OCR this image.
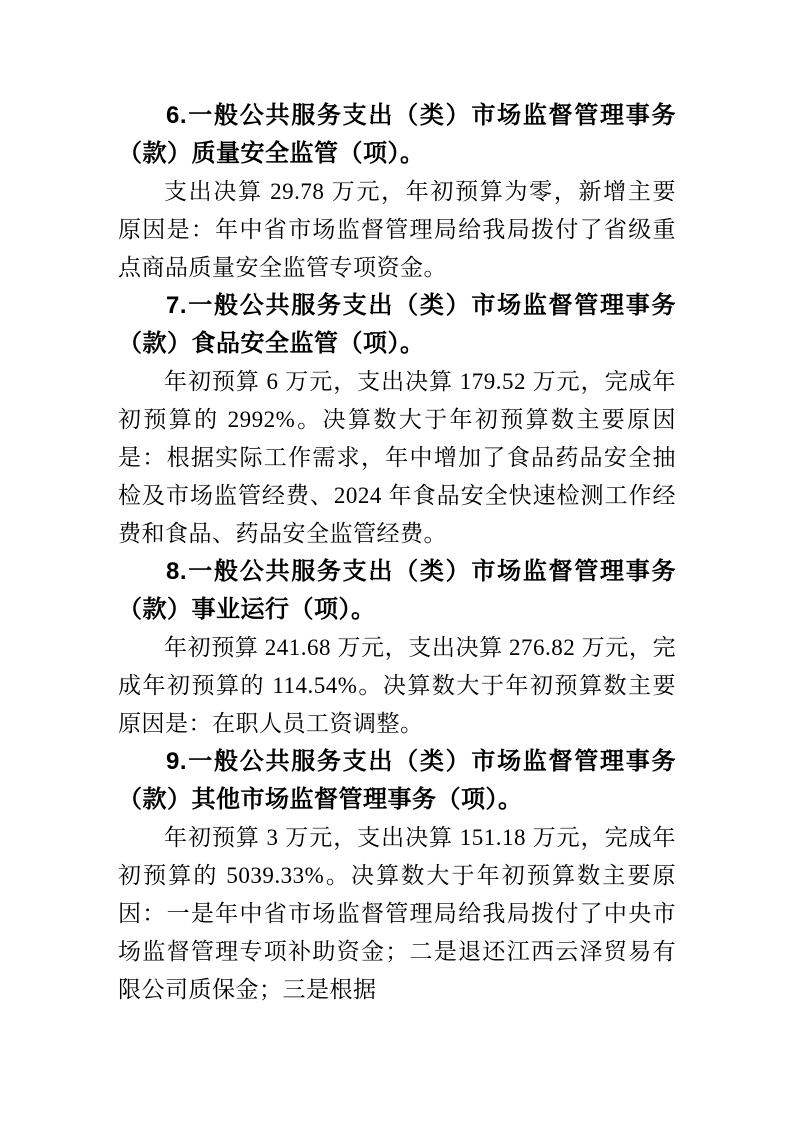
6.一般公共服务支出（类）市场监督管理事务（款）质量安全监管（项）。

支出决算 29.78 万元，年初预算为零，新增主要原因是：年中省市场监督管理局给我局拨付了省级重点商品质量安全监管专项资金。

7.一般公共服务支出（类）市场监督管理事务（款）食品安全监管（项）。

年初预算 6 万元，支出决算 179.52 万元，完成年初预算的 2992%。决算数大于年初预算数主要原因是：根据实际工作需求，年中增加了食品药品安全抽检及市场监管经费、2024 年食品安全快速检测工作经费和食品、药品安全监管经费。

8.一般公共服务支出（类）市场监督管理事务（款）事业运行（项）。

年初预算 241.68 万元，支出决算 276.82 万元，完成年初预算的 114.54%。决算数大于年初预算数主要原因是：在职人员工资调整。

9.一般公共服务支出（类）市场监督管理事务（款）其他市场监督管理事务（项）。

年初预算 3 万元，支出决算 151.18 万元，完成年初预算的 5039.33%。决算数大于年初预算数主要原因：一是年中省市场监督管理局给我局拨付了中央市场监督管理专项补助资金；二是退还江西云泽贸易有限公司质保金；三是根据
